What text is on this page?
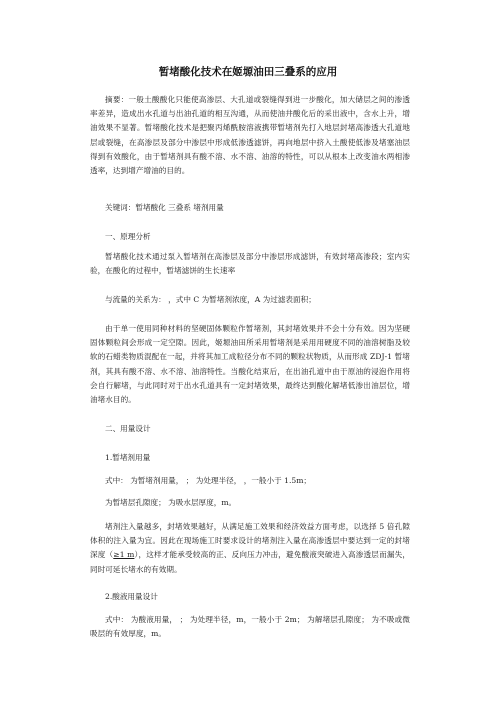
暂堵酸化技术在姬塬油田三叠系的应用

摘要：一般土酸酸化只能使高渗层、大孔道或裂缝得到进一步酸化，加大储层之间的渗透率差异，造成出水孔道与出油孔道的相互沟通，从而使油井酸化后的采出液中，含水上升，增油效果不显著。暂堵酸化技术是把聚丙烯酰胺溶液携带暂堵剂先打入地层封堵高渗透大孔道地层或裂缝，在高渗层及部分中渗层中形成低渗透滤饼，再向地层中挤入土酸使低渗及堵塞油层得到有效酸化，由于暂堵剂具有酸不溶、水不溶、油溶的特性，可以从根本上改变油水两相渗透率，达到增产增油的目的。

关键词：暂堵酸化 三叠系 堵剂用量

一、原理分析

暂堵酸化技术通过泵入暂堵剂在高渗层及部分中渗层形成滤饼，有效封堵高渗段；室内实验，在酸化的过程中，暂堵滤饼的生长速率

与流量的关系为： ，式中 C 为暂堵剂浓度，A 为过滤表面积；

由于单一使用同种材料的坚硬固体颗粒作暂堵剂，其封堵效果并不会十分有效。因为坚硬固体颗粒间会形成一定空隙。因此，姬塬油田所采用暂堵剂是采用用硬度不同的油溶树脂及较软的石蜡类物质混配在一起，并将其加工成粒径分布不同的颗粒状物质，从而形成 ZDJ-1 暂堵剂，其具有酸不溶、水不溶、油溶特性。当酸化结束后，在出油孔道中由于原油的浸泡作用将会自行解堵，与此同时对于出水孔道具有一定封堵效果，最终达到酸化解堵低渗出油层位，增油堵水目的。

二、用量设计

1.暂堵剂用量

式中： 为暂堵剂用量， ； 为处理半径， ，一般小于 1.5m；

为暂堵层孔隙度； 为吸水层厚度，m。

堵剂注入量越多，封堵效果越好，从满足施工效果和经济效益方面考虑，以选择 5 倍孔隙体积的注入量为宜。因此在现场施工时要求设计的堵剂注入量在高渗透层中要达到一定的封堵深度（≥1 m），这样才能承受较高的正、反向压力冲击，避免酸液突破进入高渗透层而漏失，同时可延长堵水的有效期。

2.酸液用量设计

式中： 为酸液用量， ； 为处理半径，m，一般小于 2m； 为解堵层孔隙度； 为不吸或微吸层的有效厚度，m。
